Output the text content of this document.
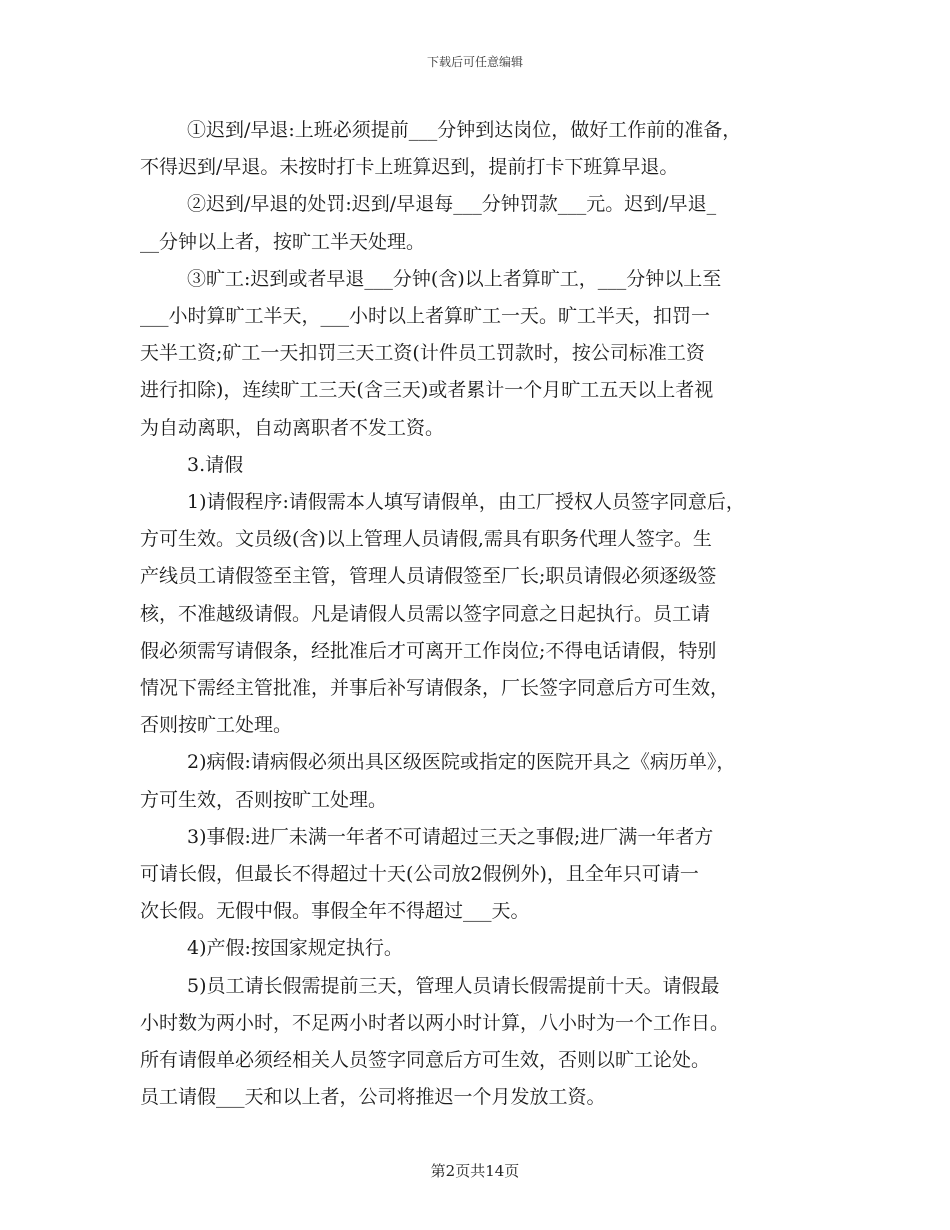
下载后可任意编辑

①迟到/早退:上班必须提前___分钟到达岗位，做好工作前的准备，

不得迟到/早退。未按时打卡上班算迟到，提前打卡下班算早退。

②迟到/早退的处罚:迟到/早退每___分钟罚款___元。迟到/早退_

__分钟以上者，按旷工半天处理。

③旷工:迟到或者早退___分钟(含)以上者算旷工，___分钟以上至

___小时算旷工半天，___小时以上者算旷工一天。旷工半天，扣罚一

天半工资;矿工一天扣罚三天工资(计件员工罚款时，按公司标准工资

进行扣除)，连续旷工三天(含三天)或者累计一个月旷工五天以上者视

为自动离职，自动离职者不发工资。

3.请假

1)请假程序:请假需本人填写请假单，由工厂授权人员签字同意后，

方可生效。文员级(含)以上管理人员请假,需具有职务代理人签字。生

产线员工请假签至主管，管理人员请假签至厂长;职员请假必须逐级签

核，不准越级请假。凡是请假人员需以签字同意之日起执行。员工请

假必须需写请假条，经批准后才可离开工作岗位;不得电话请假，特别

情况下需经主管批准，并事后补写请假条，厂长签字同意后方可生效，

否则按旷工处理。

2)病假:请病假必须出具区级医院或指定的医院开具之《病历单》，

方可生效，否则按旷工处理。

3)事假:进厂未满一年者不可请超过三天之事假;进厂满一年者方

可请长假，但最长不得超过十天(公司放2假例外)，且全年只可请一

次长假。无假中假。事假全年不得超过___天。

4)产假:按国家规定执行。

5)员工请长假需提前三天，管理人员请长假需提前十天。请假最

小时数为两小时，不足两小时者以两小时计算，八小时为一个工作日。

所有请假单必须经相关人员签字同意后方可生效，否则以旷工论处。

员工请假___天和以上者，公司将推迟一个月发放工资。

第2页共14页
